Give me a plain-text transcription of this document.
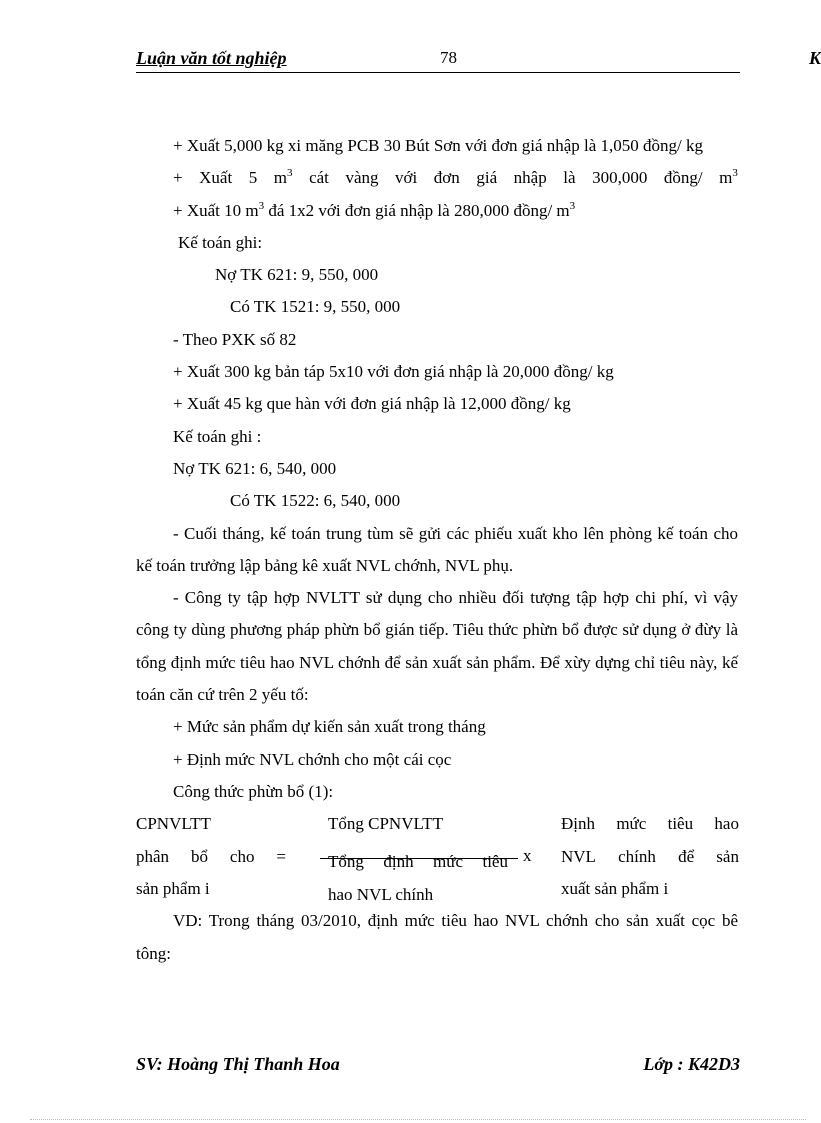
Luận văn tốt nghiệp	78	K

+ Xuất 5,000 kg xi măng PCB 30 Bút Sơn với đơn giá nhập là 1,050 đồng/ kg

+ Xuất 5 $m^3$ cát vàng với đơn giá nhập là 300,000 đồng/ $m^3$

+ Xuất 10 $m^3$ đá 1x2 với đơn giá nhập là 280,000 đồng/ $m^3$

Kế toán ghi:

Nợ TK 621: 9, 550, 000

Có TK 1521: 9, 550, 000

- Theo PXK số 82

+ Xuất 300 kg bản táp 5x10 với đơn giá nhập là 20,000 đồng/ kg

+ Xuất 45 kg que hàn với đơn giá nhập là 12,000 đồng/ kg

Kế toán ghi :

Nợ TK 621: 6, 540, 000

Có TK 1522: 6, 540, 000

- Cuối tháng, kế toán trung tùm sẽ gửi các phiếu xuất kho lên phòng kế toán cho kế toán trưởng lập bảng kê xuất NVL chớnh, NVL phụ.

- Công ty tập hợp NVLTT sử dụng cho nhiều đối tượng tập hợp chi phí, vì vậy công ty dùng phương pháp phừn bổ gián tiếp. Tiêu thức phừn bổ được sử dụng ở đừy là tổng định mức tiêu hao NVL chớnh để sản xuất sản phẩm. Để xừy dựng chỉ tiêu này, kế toán căn cứ trên 2 yếu tố:

+ Mức sản phẩm dự kiến sản xuất trong tháng

+ Định mức NVL chớnh cho một cái cọc

Công thức phừn bổ (1):

CPNVLTT
phân bổ cho =
sản phẩm i
Tổng CPNVLTT
Tổng định mức tiêu
hao NVL chính
x
Định mức tiêu hao
NVL chính để sản
xuất sản phẩm i

VD: Trong tháng 03/2010, định mức tiêu hao NVL chớnh cho sản xuất cọc bê tông:

SV: Hoàng Thị Thanh Hoa	Lớp : K42D3
